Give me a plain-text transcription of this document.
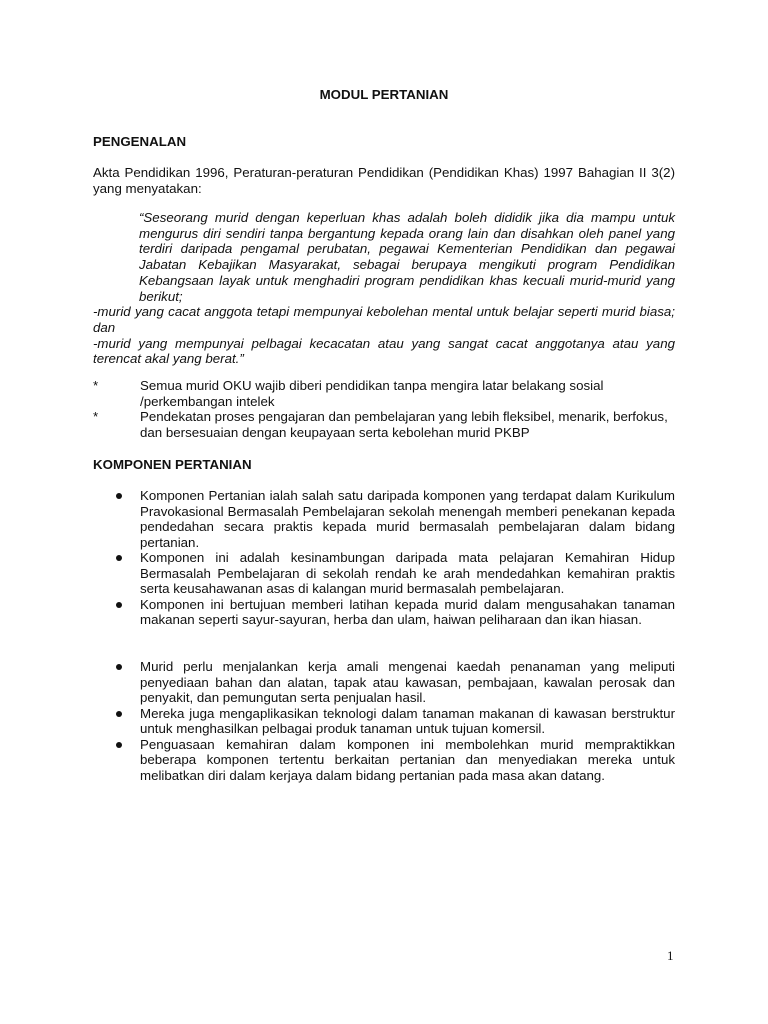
MODUL PERTANIAN
PENGENALAN

Akta Pendidikan 1996, Peraturan-peraturan Pendidikan (Pendidikan Khas) 1997 Bahagian II 3(2) yang menyatakan:

“Seseorang murid dengan keperluan khas adalah boleh dididik jika dia mampu untuk mengurus diri sendiri tanpa bergantung kepada orang lain dan disahkan oleh panel yang terdiri daripada pengamal perubatan, pegawai Kementerian Pendidikan dan pegawai Jabatan Kebajikan Masyarakat, sebagai berupaya mengikuti program Pendidikan Kebangsaan layak untuk menghadiri program pendidikan khas kecuali murid-murid yang berikut;

-murid yang cacat anggota tetapi mempunyai kebolehan mental untuk belajar seperti murid biasa; dan

-murid yang mempunyai pelbagai kecacatan atau yang sangat cacat anggotanya atau yang terencat akal yang berat.”

*	Semua murid OKU wajib diberi pendidikan tanpa mengira latar belakang sosial /perkembangan intelek
*	Pendekatan proses pengajaran dan pembelajaran yang lebih fleksibel, menarik, berfokus, dan bersesuaian dengan keupayaan serta kebolehan murid PKBP
KOMPONEN PERTANIAN
Komponen Pertanian ialah salah satu daripada komponen yang terdapat dalam Kurikulum Pravokasional Bermasalah Pembelajaran sekolah menengah memberi penekanan kepada pendedahan secara praktis kepada murid bermasalah pembelajaran dalam bidang pertanian.
Komponen ini adalah kesinambungan daripada mata pelajaran Kemahiran Hidup Bermasalah Pembelajaran di sekolah rendah ke arah mendedahkan kemahiran praktis serta keusahawanan asas di kalangan murid bermasalah pembelajaran.
Komponen ini bertujuan memberi latihan kepada murid dalam mengusahakan tanaman makanan seperti sayur-sayuran, herba dan ulam, haiwan peliharaan dan ikan hiasan.
Murid perlu menjalankan kerja amali mengenai kaedah penanaman yang meliputi penyediaan bahan dan alatan, tapak atau kawasan, pembajaan, kawalan perosak dan penyakit, dan pemungutan serta penjualan hasil.
Mereka juga mengaplikasikan teknologi dalam tanaman makanan di kawasan berstruktur untuk menghasilkan pelbagai produk tanaman untuk tujuan komersil.
Penguasaan kemahiran dalam komponen ini membolehkan murid mempraktikkan beberapa komponen tertentu berkaitan pertanian dan menyediakan mereka untuk melibatkan diri dalam kerjaya dalam bidang pertanian pada masa akan datang.

1
